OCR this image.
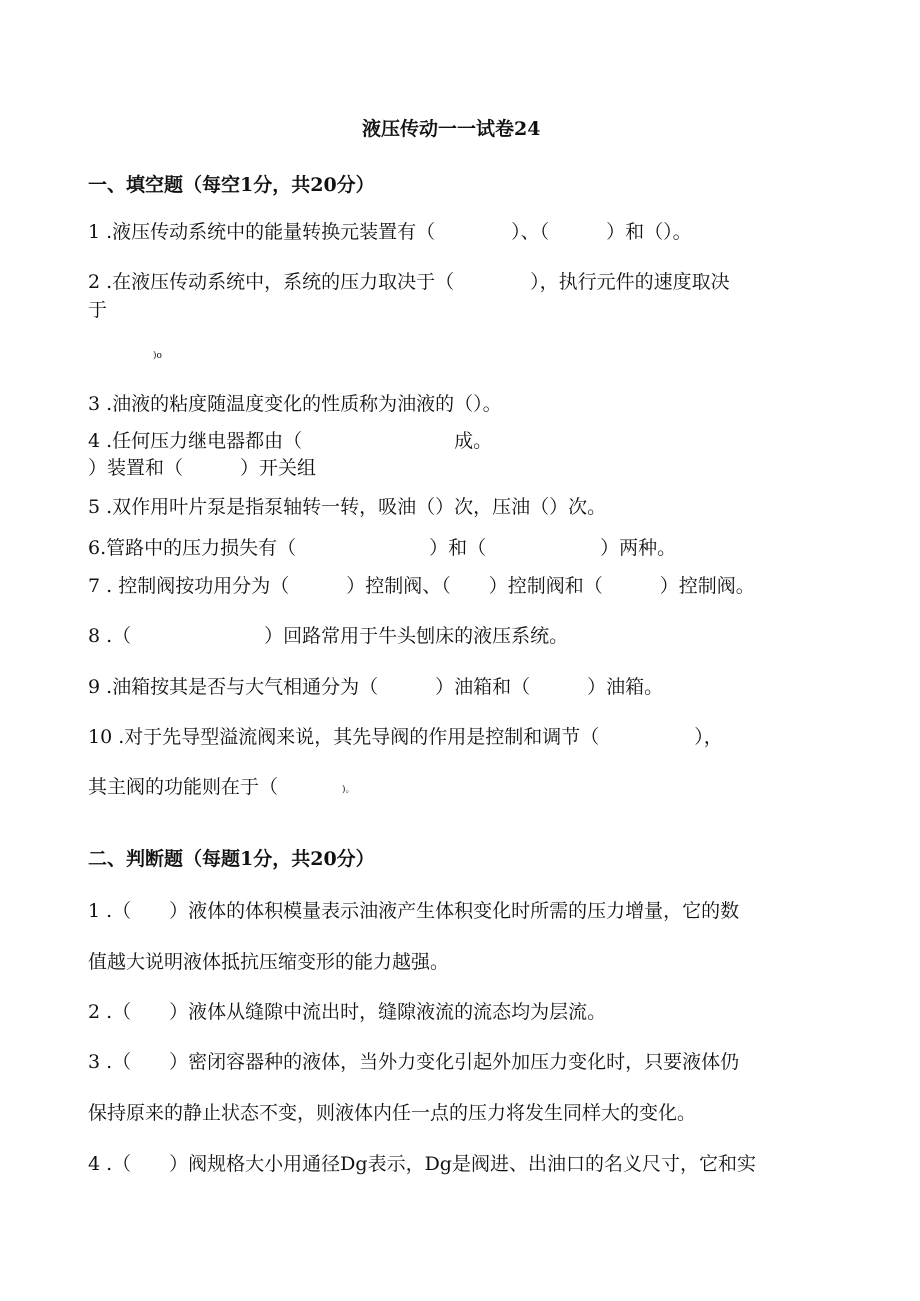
液压传动一一试卷24
一、填空题（每空1分，共20分）
1 .液压传动系统中的能量转换元装置有（　　　　）、（　　　）和（）。
2 .在液压传动系统中，系统的压力取决于（　　　　），执行元件的速度取决
于
)o
3 .油液的粘度随温度变化的性质称为油液的（）。
4 .任何压力继电器都由（　　　　　　　　成。
）装置和（　　　）开关组
5 .双作用叶片泵是指泵轴转一转，吸油（）次，压油（）次。
6.管路中的压力损失有（　　　　　　　）和（　　　　　　）两种。
7 . 控制阀按功用分为（　　　）控制阀、（　　）控制阀和（　　　）控制阀。
8 .（　　　　　　　）回路常用于牛头刨床的液压系统。
9 .油箱按其是否与大气相通分为（　　　）油箱和（　　　）油箱。
10 .对于先导型溢流阀来说，其先导阀的作用是控制和调节（　　　　　），
其主阀的功能则在于（　　	)。
二、判断题（每题1分，共20分）
1 .（　　）液体的体积模量表示油液产生体积变化时所需的压力增量，它的数
值越大说明液体抵抗压缩变形的能力越强。
2 .（　　）液体从缝隙中流出时，缝隙液流的流态均为层流。
3 .（　　）密闭容器种的液体，当外力变化引起外加压力变化时，只要液体仍
保持原来的静止状态不变，则液体内任一点的压力将发生同样大的变化。
4 .（　　）阀规格大小用通径Dg表示，Dg是阀进、出油口的名义尺寸，它和实
